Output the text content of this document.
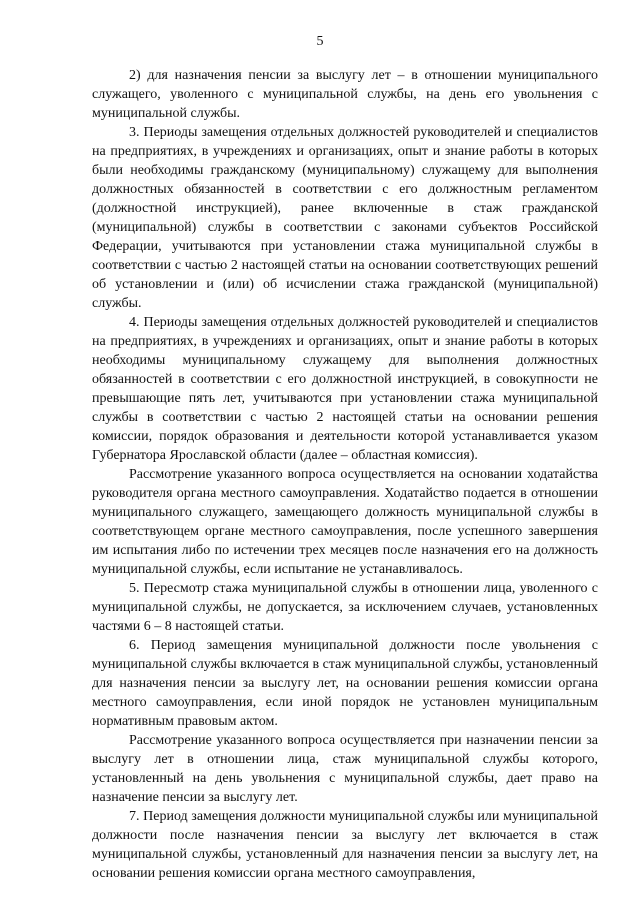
5

2) для назначения пенсии за выслугу лет – в отношении муниципального служащего, уволенного с муниципальной службы, на день его увольнения с муниципальной службы.

3. Периоды замещения отдельных должностей руководителей и специалистов на предприятиях, в учреждениях и организациях, опыт и знание работы в которых были необходимы гражданскому (муниципальному) служащему для выполнения должностных обязанностей в соответствии с его должностным регламентом (должностной инструкцией), ранее включенные в стаж гражданской (муниципальной) службы в соответствии с законами субъектов Российской Федерации, учитываются при установлении стажа муниципальной службы в соответствии с частью 2 настоящей статьи на основании соответствующих решений об установлении и (или) об исчислении стажа гражданской (муниципальной) службы.

4. Периоды замещения отдельных должностей руководителей и специалистов на предприятиях, в учреждениях и организациях, опыт и знание работы в которых необходимы муниципальному служащему для выполнения должностных обязанностей в соответствии с его должностной инструкцией, в совокупности не превышающие пять лет, учитываются при установлении стажа муниципальной службы в соответствии с частью 2 настоящей статьи на основании решения комиссии, порядок образования и деятельности которой устанавливается указом Губернатора Ярославской области (далее – областная комиссия).

Рассмотрение указанного вопроса осуществляется на основании ходатайства руководителя органа местного самоуправления. Ходатайство подается в отношении муниципального служащего, замещающего должность муниципальной службы в соответствующем органе местного самоуправления, после успешного завершения им испытания либо по истечении трех месяцев после назначения его на должность муниципальной службы, если испытание не устанавливалось.

5. Пересмотр стажа муниципальной службы в отношении лица, уволенного с муниципальной службы, не допускается, за исключением случаев, установленных частями 6 – 8 настоящей статьи.

6. Период замещения муниципальной должности после увольнения с муниципальной службы включается в стаж муниципальной службы, установленный для назначения пенсии за выслугу лет, на основании решения комиссии органа местного самоуправления, если иной порядок не установлен муниципальным нормативным правовым актом.

Рассмотрение указанного вопроса осуществляется при назначении пенсии за выслугу лет в отношении лица, стаж муниципальной службы которого, установленный на день увольнения с муниципальной службы, дает право на назначение пенсии за выслугу лет.

7. Период замещения должности муниципальной службы или муниципальной должности после назначения пенсии за выслугу лет включается в стаж муниципальной службы, установленный для назначения пенсии за выслугу лет, на основании решения комиссии органа местного самоуправления,
